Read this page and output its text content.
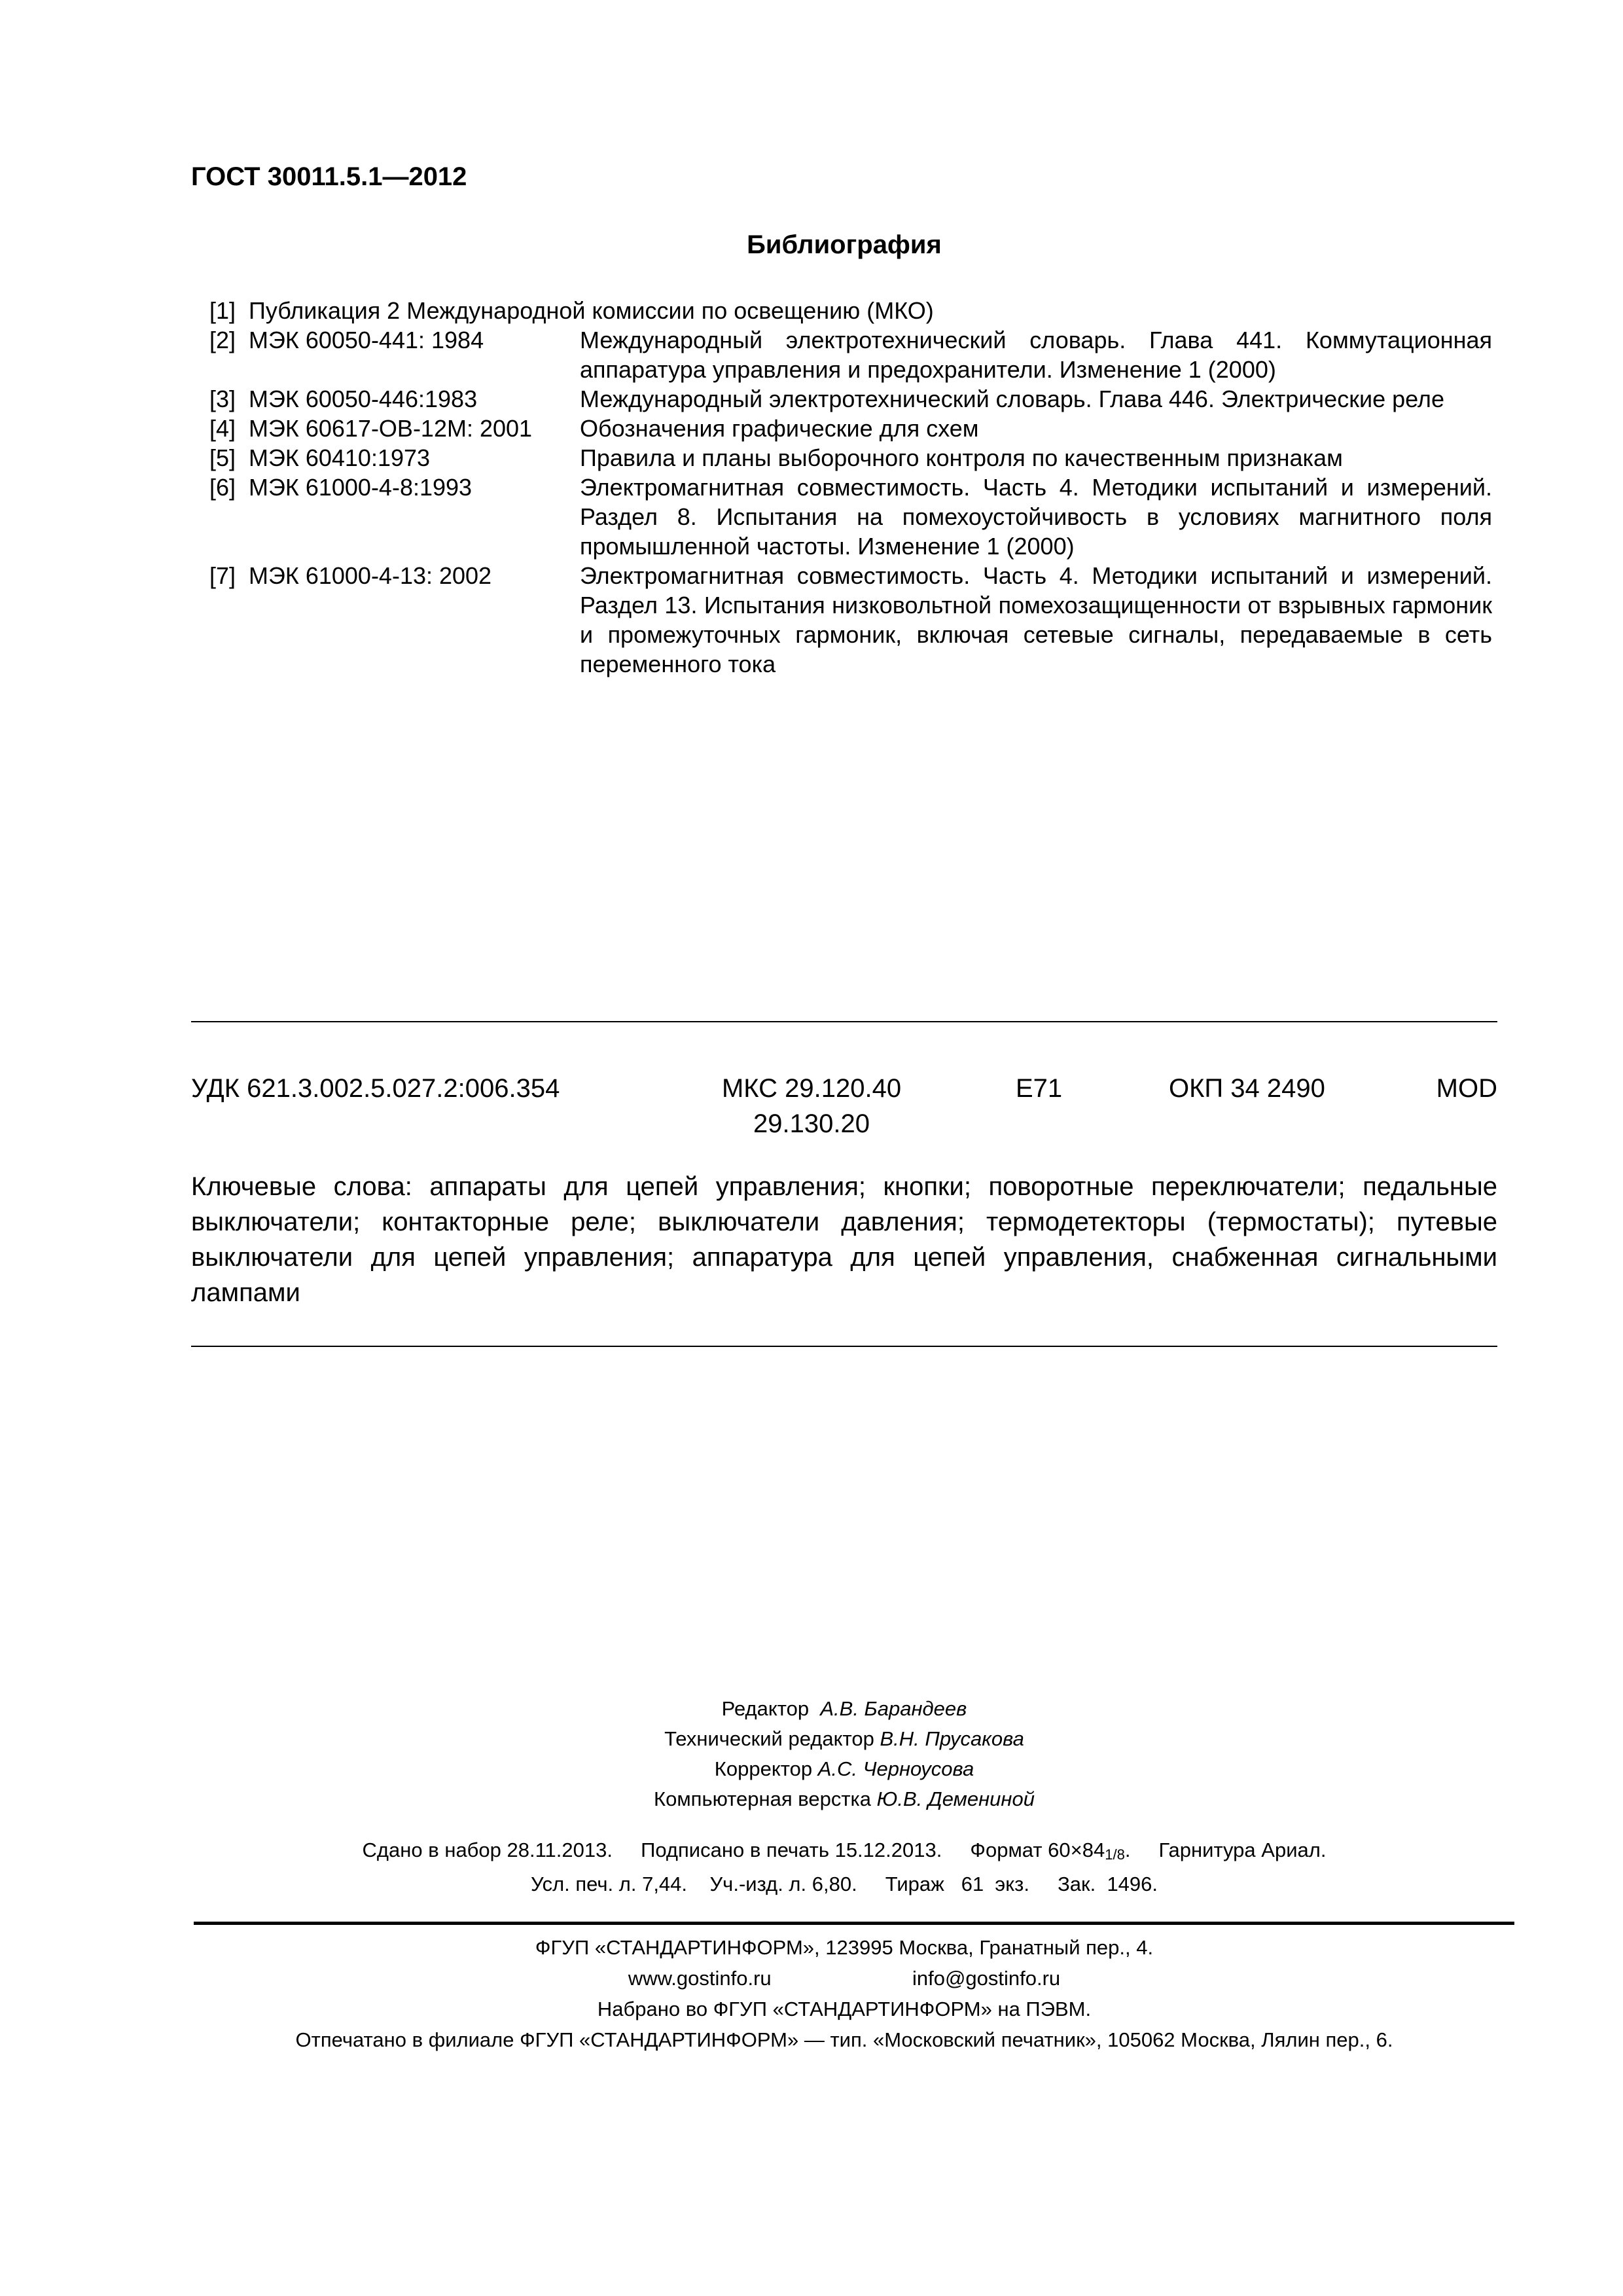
ГОСТ 30011.5.1—2012
Библиография
[1] Публикация 2 Международной комиссии по освещению (МКО)
[2] МЭК 60050-441: 1984	Международный электротехнический словарь. Глава 441. Коммутационная аппаратура управления и предохранители. Изменение 1 (2000)
[3] МЭК 60050-446:1983	Международный электротехнический словарь. Глава 446. Электрические реле
[4] МЭК 60617-OB-12M: 2001 Обозначения графические для схем
[5] МЭК 60410:1973	Правила и планы выборочного контроля по качественным признакам
[6] МЭК 61000-4-8:1993	Электромагнитная совместимость. Часть 4. Методики испытаний и измерений. Раздел 8. Испытания на помехоустойчивость в условиях магнитного поля промышленной частоты. Изменение 1 (2000)
[7] МЭК 61000-4-13: 2002	Электромагнитная совместимость. Часть 4. Методики испытаний и измерений. Раздел 13. Испытания низковольтной помехозащищенности от взрывных гармоник и промежуточных гармоник, включая сетевые сигналы, передаваемые в сеть переменного тока
УДК 621.3.002.5.027.2:006.354	МКС 29.120.40
29.130.20
Е71	ОКП 34 2490	MOD
Ключевые слова: аппараты для цепей управления; кнопки; поворотные переключатели; педальные выключатели; контакторные реле; выключатели давления; термодетекторы (термостаты); путевые выключатели для цепей управления; аппаратура для цепей управления, снабженная сигнальными лампами
Редактор А.В. Барандеев
Технический редактор В.Н. Прусакова
Корректор А.С. Черноусова
Компьютерная верстка Ю.В. Демениной
Сдано в набор 28.11.2013. Подписано в печать 15.12.2013. Формат 60×841/8.     Гарнитура Ариал.
Усл. печ. л. 7,44. Уч.-изд. л. 6,80. Тираж   61  экз. Зак.  1496.
ФГУП «СТАНДАРТИНФОРМ», 123995 Москва, Гранатный пер., 4.
www.gostinfo.ru	info@gostinfo.ru
Набрано во ФГУП «СТАНДАРТИНФОРМ» на ПЭВМ.
Отпечатано в филиале ФГУП «СТАНДАРТИНФОРМ» — тип. «Московский печатник», 105062 Москва, Лялин пер., 6.
